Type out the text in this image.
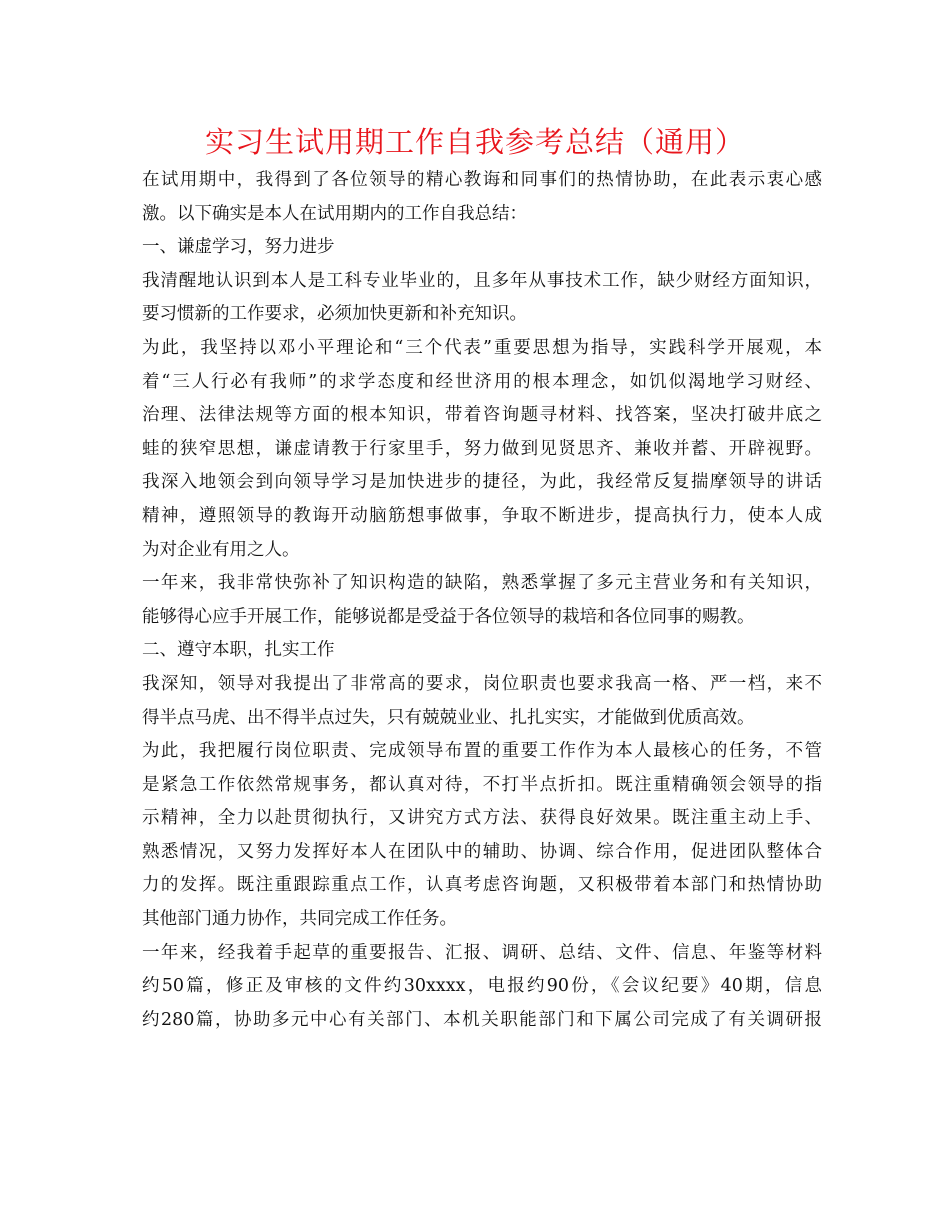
实习生试用期工作自我参考总结（通用）

在试用期中，我得到了各位领导的精心教诲和同事们的热情协助，在此表示衷心感

激。以下确实是本人在试用期内的工作自我总结：

一、谦虚学习，努力进步

我清醒地认识到本人是工科专业毕业的，且多年从事技术工作，缺少财经方面知识，

要习惯新的工作要求，必须加快更新和补充知识。

为此，我坚持以邓小平理论和“三个代表”重要思想为指导，实践科学开展观，本

着“三人行必有我师”的求学态度和经世济用的根本理念，如饥似渴地学习财经、

治理、法律法规等方面的根本知识，带着咨询题寻材料、找答案，坚决打破井底之

蛙的狭窄思想，谦虚请教于行家里手，努力做到见贤思齐、兼收并蓄、开辟视野。

我深入地领会到向领导学习是加快进步的捷径，为此，我经常反复揣摩领导的讲话

精神，遵照领导的教诲开动脑筋想事做事，争取不断进步，提高执行力，使本人成

为对企业有用之人。

一年来，我非常快弥补了知识构造的缺陷，熟悉掌握了多元主营业务和有关知识，

能够得心应手开展工作，能够说都是受益于各位领导的栽培和各位同事的赐教。

二、遵守本职，扎实工作

我深知，领导对我提出了非常高的要求，岗位职责也要求我高一格、严一档，来不

得半点马虎、出不得半点过失，只有兢兢业业、扎扎实实，才能做到优质高效。

为此，我把履行岗位职责、完成领导布置的重要工作作为本人最核心的任务，不管

是紧急工作依然常规事务，都认真对待，不打半点折扣。既注重精确领会领导的指

示精神，全力以赴贯彻执行，又讲究方式方法、获得良好效果。既注重主动上手、

熟悉情况，又努力发挥好本人在团队中的辅助、协调、综合作用，促进团队整体合

力的发挥。既注重跟踪重点工作，认真考虑咨询题，又积极带着本部门和热情协助

其他部门通力协作，共同完成工作任务。

一年来，经我着手起草的重要报告、汇报、调研、总结、文件、信息、年鉴等材料

约50篇，修正及审核的文件约30xxxx，电报约90份，《会议纪要》40期，信息

约280篇，协助多元中心有关部门、本机关职能部门和下属公司完成了有关调研报
